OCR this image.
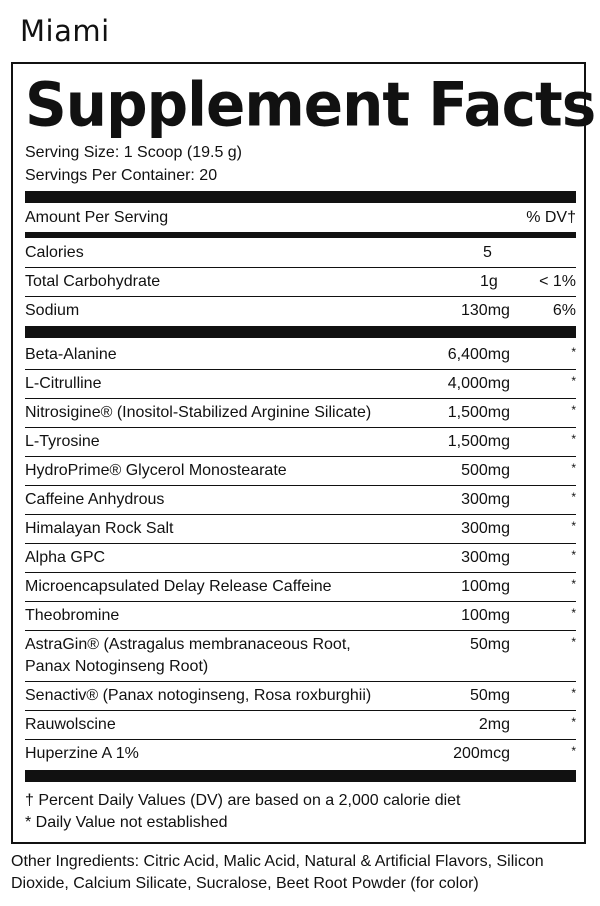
Miami
Supplement Facts
Serving Size: 1 Scoop (19.5 g)
Servings Per Container: 20
Amount Per Serving	% DV†
Calories	5
Total Carbohydrate	1g	< 1%
Sodium	130mg	6%
Beta-Alanine	6,400mg	*
L-Citrulline	4,000mg	*
Nitrosigine® (Inositol-Stabilized Arginine Silicate)	1,500mg	*
L-Tyrosine	1,500mg	*
HydroPrime® Glycerol Monostearate	500mg	*
Caffeine Anhydrous	300mg	*
Himalayan Rock Salt	300mg	*
Alpha GPC	300mg	*
Microencapsulated Delay Release Caffeine	100mg	*
Theobromine	100mg	*
AstraGin® (Astragalus membranaceous Root,
Panax Notoginseng Root)
50mg	*
Senactiv® (Panax notoginseng, Rosa roxburghii)	50mg	*
Rauwolscine	2mg	*
Huperzine A 1%	200mcg	*
† Percent Daily Values (DV) are based on a 2,000 calorie diet
* Daily Value not established
Other Ingredients: Citric Acid, Malic Acid, Natural & Artificial Flavors, Silicon Dioxide, Calcium Silicate, Sucralose, Beet Root Powder (for color)
